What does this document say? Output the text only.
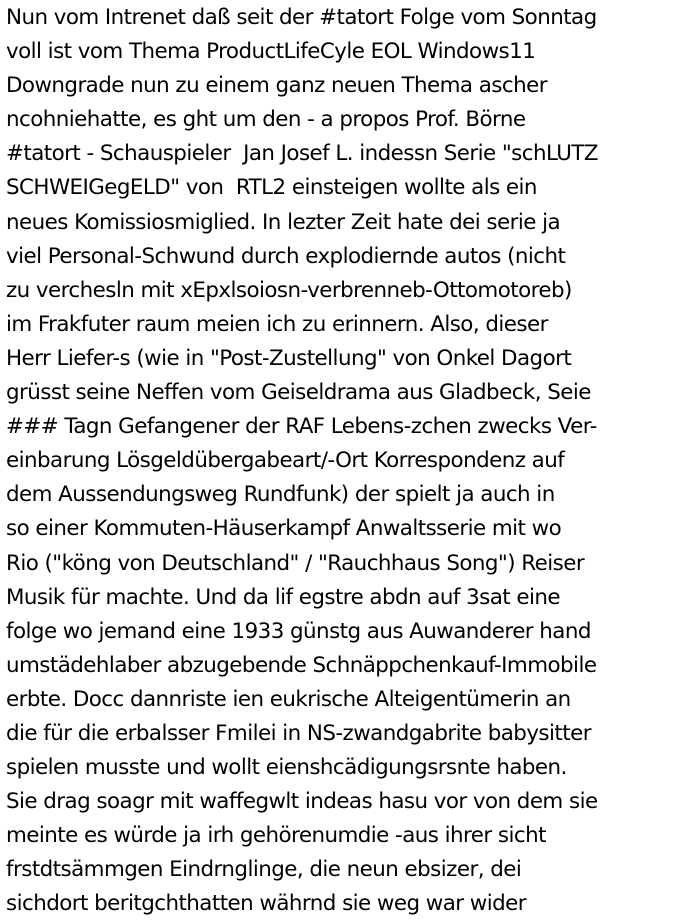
Nun vom Intrenet daß seit der #tatort Folge vom Sonntag
voll ist vom Thema ProductLifeCyle EOL Windows11
Downgrade nun zu einem ganz neuen Thema ascher
ncohniehatte, es ght um den - a propos Prof. Börne
#tatort - Schauspieler  Jan Josef L. indessn Serie "schLUTZ
SCHWEIGegELD" von  RTL2 einsteigen wollte als ein
neues Komissiosmiglied. In lezter Zeit hate dei serie ja
viel Personal-Schwund durch explodiernde autos (nicht
zu verchesln mit xEpxlsoiosn-verbrenneb-Ottomotoreb)
im Frakfuter raum meien ich zu erinnern. Also, dieser
Herr Liefer-s (wie in "Post-Zustellung" von Onkel Dagort
grüsst seine Neffen vom Geiseldrama aus Gladbeck, Seie
### Tagn Gefangener der RAF Lebens-zchen zwecks Ver-
einbarung Lösgeldübergabeart/-Ort Korrespondenz auf
dem Aussendungsweg Rundfunk) der spielt ja auch in
so einer Kommuten-Häuserkampf Anwaltsserie mit wo
Rio ("köng von Deutschland" / "Rauchhaus Song") Reiser
Musik für machte. Und da lif egstre abdn auf 3sat eine
folge wo jemand eine 1933 günstg aus Auwanderer hand
umstädehlaber abzugebende Schnäppchenkauf-Immobile
erbte. Docc dannriste ien eukrische Alteigentümerin an
die für die erbalsser Fmilei in NS-zwandgabrite babysitter
spielen musste und wollt eienshcädigungsrsnte haben.
Sie drag soagr mit waffegwlt indeas hasu vor von dem sie
meinte es würde ja irh gehörenumdie -aus ihrer sicht
frstdtsämmgen Eindrnglinge, die neun ebsizer, dei
sichdort beritgchthatten währnd sie weg war wider
